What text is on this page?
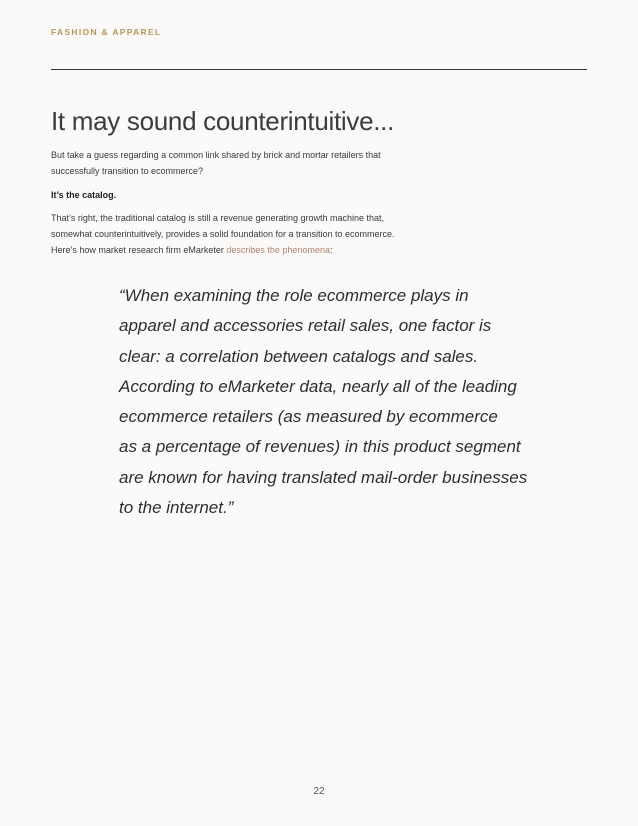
FASHION & APPAREL

It may sound counterintuitive...

But take a guess regarding a common link shared by brick and mortar retailers that
successfully transition to ecommerce?

It’s the catalog.

That’s right, the traditional catalog is still a revenue generating growth machine that,
somewhat counterintuitively, provides a solid foundation for a transition to ecommerce.
Here’s how market research firm eMarketer describes the phenomena:

“When examining the role ecommerce plays in
apparel and accessories retail sales, one factor is
clear: a correlation between catalogs and sales.
According to eMarketer data, nearly all of the leading
ecommerce retailers (as measured by ecommerce
as a percentage of revenues) in this product segment
are known for having translated mail-order businesses
to the internet.”

22
